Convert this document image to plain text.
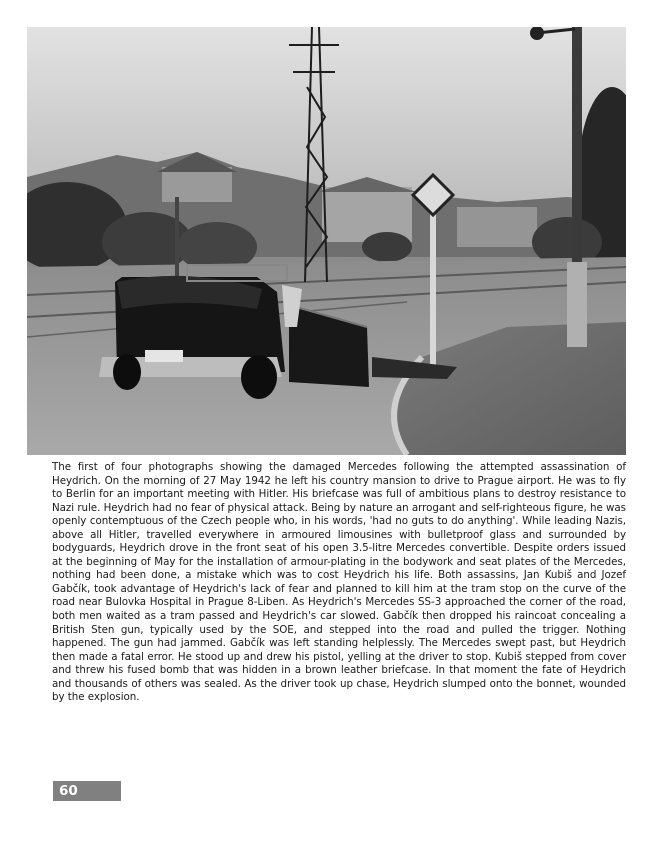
The first of four photographs showing the damaged Mercedes following the attempted assassination of Heydrich. On the morning of 27 May 1942 he left his country mansion to drive to Prague airport. He was to fly to Berlin for an important meeting with Hitler. His briefcase was full of ambitious plans to destroy resistance to Nazi rule. Heydrich had no fear of physical attack. Being by nature an arrogant and self-righteous figure, he was openly contemptuous of the Czech people who, in his words, 'had no guts to do anything'. While leading Nazis, above all Hitler, travelled everywhere in armoured limousines with bulletproof glass and surrounded by bodyguards, Heydrich drove in the front seat of his open 3.5-litre Mercedes convertible. Despite orders issued at the beginning of May for the installation of armour-plating in the bodywork and seat plates of the Mercedes, nothing had been done, a mistake which was to cost Heydrich his life. Both assassins, Jan Kubiš and Jozef Gabčík, took advantage of Heydrich's lack of fear and planned to kill him at the tram stop on the curve of the road near Bulovka Hospital in Prague 8-Liben. As Heydrich's Mercedes SS-3 approached the corner of the road, both men waited as a tram passed and Heydrich's car slowed. Gabčík then dropped his raincoat concealing a British Sten gun, typically used by the SOE, and stepped into the road and pulled the trigger. Nothing happened. The gun had jammed. Gabčík was left standing helplessly. The Mercedes swept past, but Heydrich then made a fatal error. He stood up and drew his pistol, yelling at the driver to stop. Kubiš stepped from cover and threw his fused bomb that was hidden in a brown leather briefcase. In that moment the fate of Heydrich and thousands of others was sealed. As the driver took up chase, Heydrich slumped onto the bonnet, wounded by the explosion.

60
